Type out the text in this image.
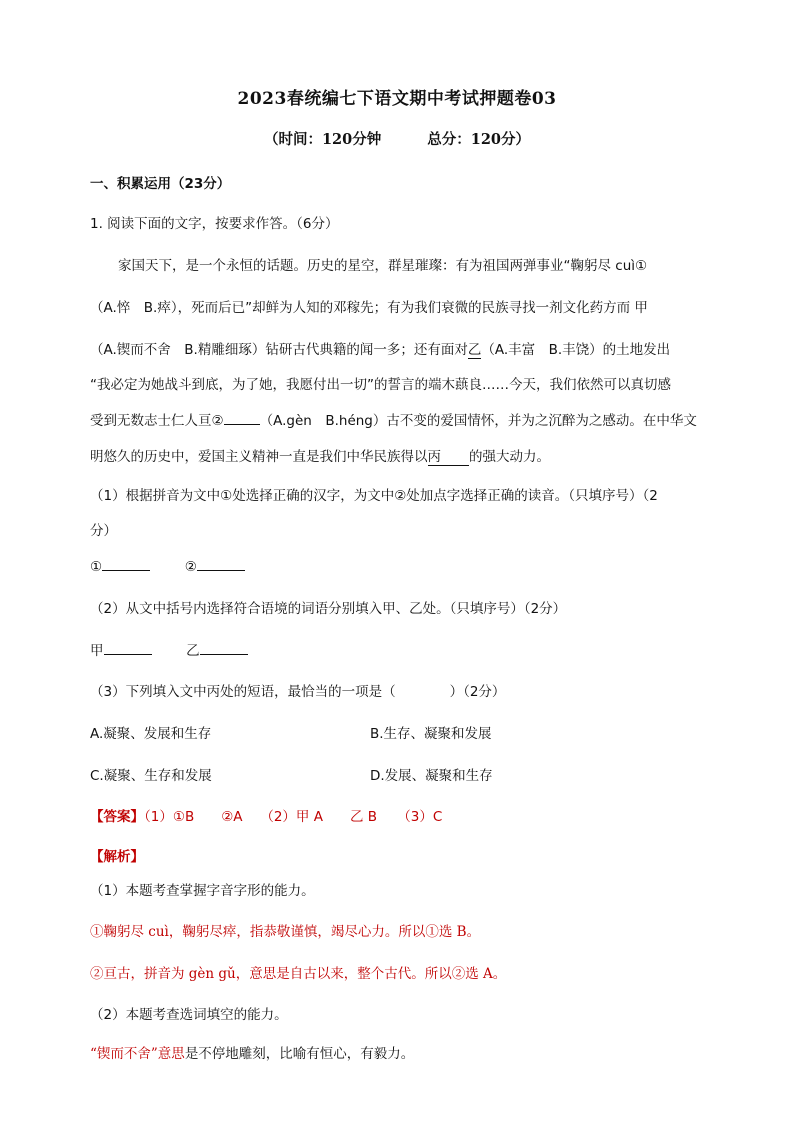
2023春统编七下语文期中考试押题卷03
（时间：120分钟	总分：120分）
一、积累运用（23分）
1. 阅读下面的文字，按要求作答。（6分）
家国天下，是一个永恒的话题。历史的星空，群星璀璨：有为祖国两弹事业“鞠躬尽 cuì①
（A.悴　B.瘁），死而后已”却鲜为人知的邓稼先；有为我们衰微的民族寻找一剂文化药方而 甲
（A.锲而不舍　B.精雕细琢）钻研古代典籍的闻一多；还有面对乙（A.丰富　B.丰饶）的土地发出
“我必定为她战斗到底，为了她，我愿付出一切”的誓言的端木蕻良……今天，我们依然可以真切感
受到无数志士仁人亘②	（A.gèn　B.héng）古不变的爱国情怀，并为之沉醉为之感动。在中华文
明悠久的历史中，爱国主义精神一直是我们中华民族得以丙 的强大动力。
（1）根据拼音为文中①处选择正确的汉字，为文中②处加点字选择正确的读音。（只填序号）（2
分）
①	②
（2）从文中括号内选择符合语境的词语分别填入甲、乙处。（只填序号）（2分）
甲	乙
（3）下列填入文中丙处的短语，最恰当的一项是（	）（2分）
A.凝聚、发展和生存	B.生存、凝聚和发展
C.凝聚、生存和发展	D.发展、凝聚和生存
【答案】（1）①B　　②A　 （2）甲 A　　乙 B　　（3）C
【解析】
（1）本题考查掌握字音字形的能力。
①鞠躬尽 cuì，鞠躬尽瘁，指恭敬谨慎，竭尽心力。所以①选 B。
②亘古，拼音为 gèn gǔ，意思是自古以来，整个古代。所以②选 A。
（2）本题考查选词填空的能力。
“锲而不舍”意思是不停地雕刻，比喻有恒心，有毅力。
